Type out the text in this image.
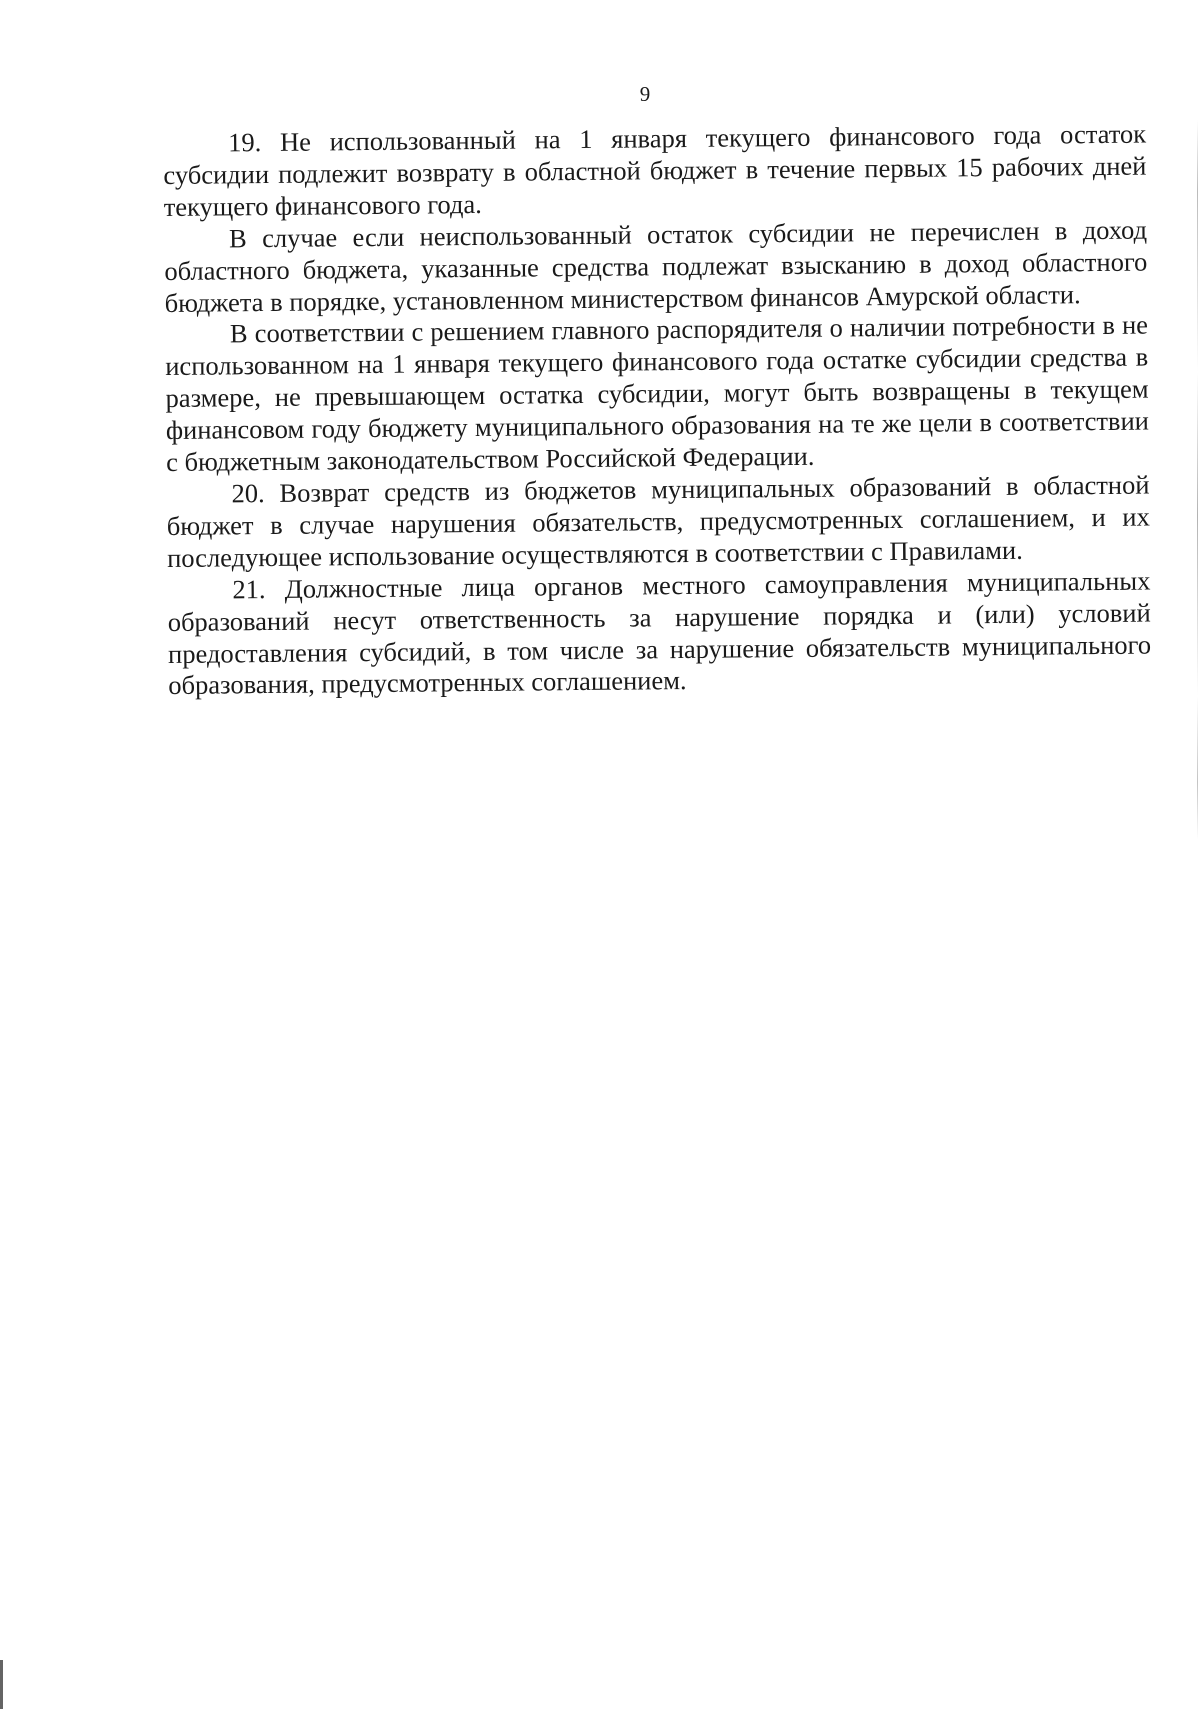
9

19. Не использованный на 1 января текущего финансового года остаток субсидии подлежит возврату в областной бюджет в течение первых 15 рабочих дней текущего финансового года.

В случае если неиспользованный остаток субсидии не перечислен в доход областного бюджета, указанные средства подлежат взысканию в доход областного бюджета в порядке, установленном министерством финансов Амурской области.

В соответствии с решением главного распорядителя о наличии потребности в не использованном на 1 января текущего финансового года остатке субсидии средства в размере, не превышающем остатка субсидии, могут быть возвращены в текущем финансовом году бюджету муниципального образования на те же цели в соответствии с бюджетным законодательством Российской Федерации.

20. Возврат средств из бюджетов муниципальных образований в областной бюджет в случае нарушения обязательств, предусмотренных соглашением, и их последующее использование осуществляются в соответствии с Правилами.

21. Должностные лица органов местного самоуправления муниципальных образований несут ответственность за нарушение порядка и (или) условий предоставления субсидий, в том числе за нарушение обязательств муниципального образования, предусмотренных соглашением.
